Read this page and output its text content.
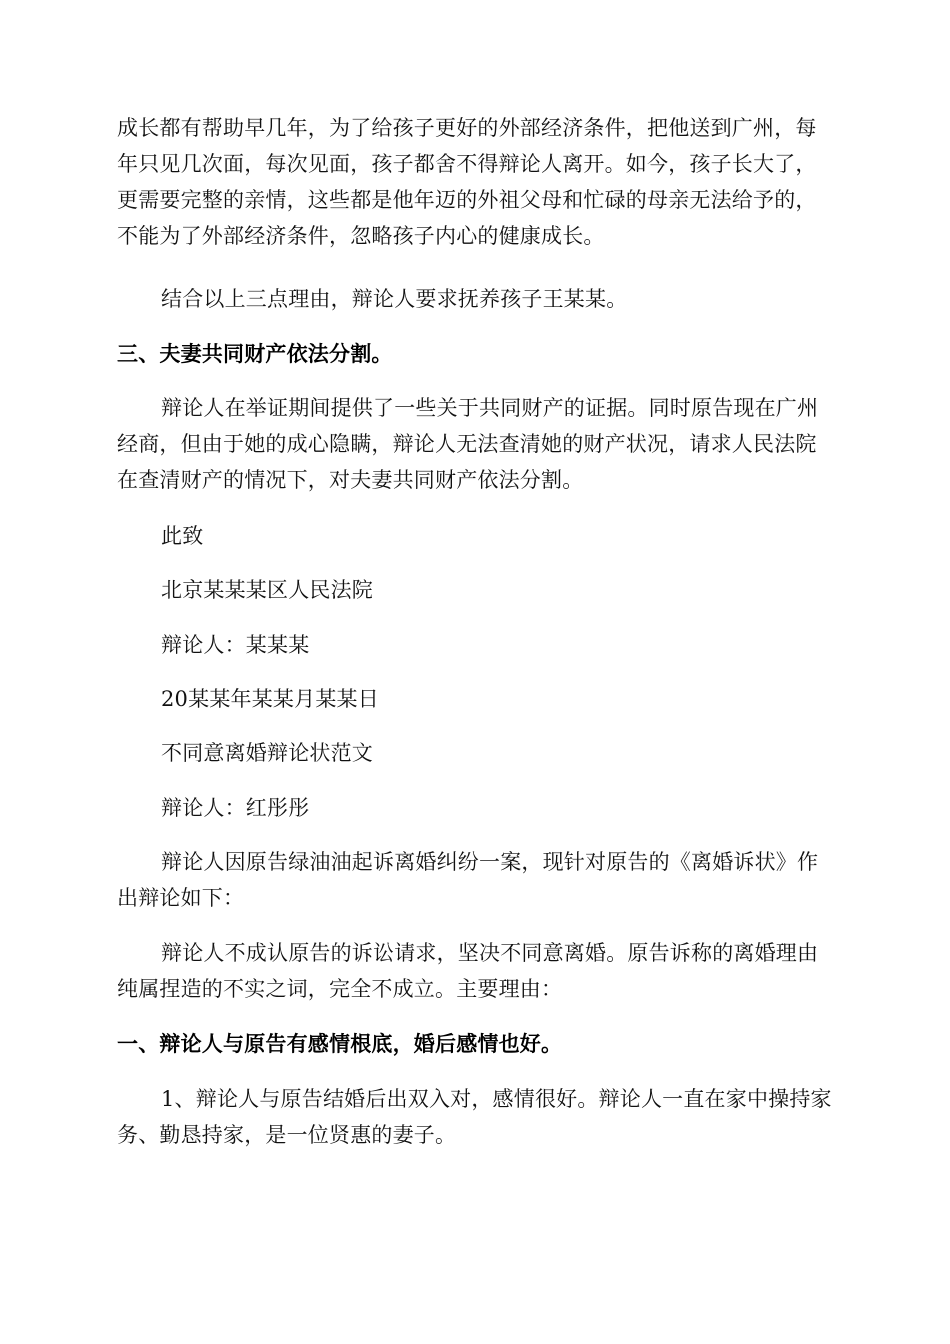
成长都有帮助早几年，为了给孩子更好的外部经济条件，把他送到广州，每年只见几次面，每次见面，孩子都舍不得辩论人离开。如今，孩子长大了，更需要完整的亲情，这些都是他年迈的外祖父母和忙碌的母亲无法给予的，不能为了外部经济条件，忽略孩子内心的健康成长。

结合以上三点理由，辩论人要求抚养孩子王某某。

三、夫妻共同财产依法分割。

辩论人在举证期间提供了一些关于共同财产的证据。同时原告现在广州经商，但由于她的成心隐瞒，辩论人无法查清她的财产状况，请求人民法院在查清财产的情况下，对夫妻共同财产依法分割。

此致

北京某某某区人民法院

辩论人：某某某

20某某年某某月某某日

不同意离婚辩论状范文

辩论人：红彤彤

辩论人因原告绿油油起诉离婚纠纷一案，现针对原告的《离婚诉状》作出辩论如下：

辩论人不成认原告的诉讼请求，坚决不同意离婚。原告诉称的离婚理由纯属捏造的不实之词，完全不成立。主要理由：

一、辩论人与原告有感情根底，婚后感情也好。

1、辩论人与原告结婚后出双入对，感情很好。辩论人一直在家中操持家务、勤恳持家，是一位贤惠的妻子。
